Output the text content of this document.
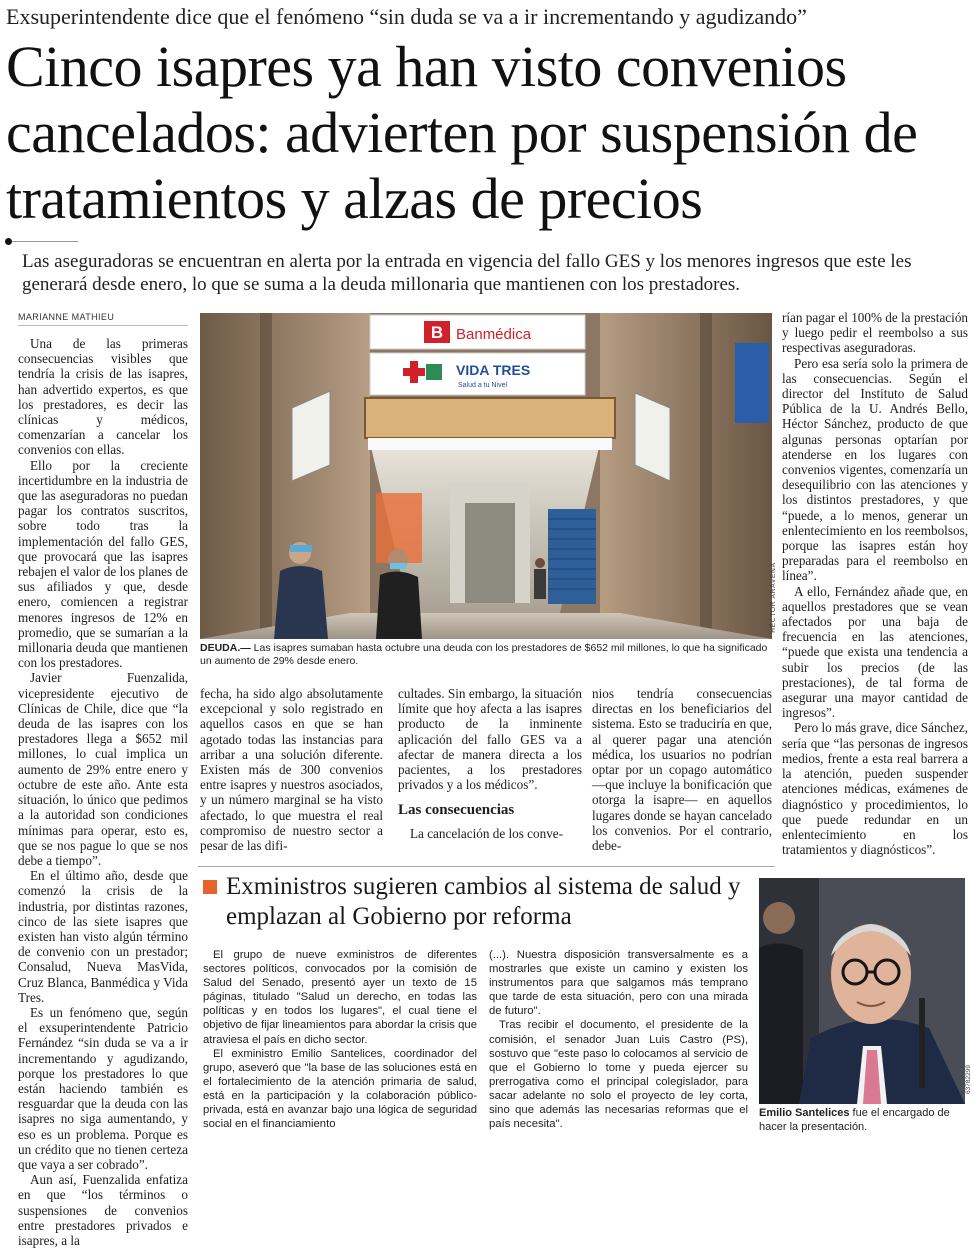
Exsuperintendente dice que el fenómeno “sin duda se va a ir incrementando y agudizando”
Cinco isapres ya han visto convenios cancelados: advierten por suspensión de tratamientos y alzas de precios
Las aseguradoras se encuentran en alerta por la entrada en vigencia del fallo GES y los menores ingresos que este les generará desde enero, lo que se suma a la deuda millonaria que mantienen con los prestadores.
MARIANNE MATHIEU

Una de las primeras consecuencias visibles que tendría la crisis de las isapres, han advertido expertos, es que los prestadores, es decir las clínicas y médicos, comenzarían a cancelar los convenios con ellas.

Ello por la creciente incertidumbre en la industria de que las aseguradoras no puedan pagar los contratos suscritos, sobre todo tras la implementación del fallo GES, que provocará que las isapres rebajen el valor de los planes de sus afiliados y que, desde enero, comiencen a registrar menores ingresos de 12% en promedio, que se sumarían a la millonaria deuda que mantienen con los prestadores.

Javier Fuenzalida, vicepresidente ejecutivo de Clínicas de Chile, dice que “la deuda de las isapres con los prestadores llega a $652 mil millones, lo cual implica un aumento de 29% entre enero y octubre de este año. Ante esta situación, lo único que pedimos a la autoridad son condiciones mínimas para operar, esto es, que se nos pague lo que se nos debe a tiempo”.

En el último año, desde que comenzó la crisis de la industria, por distintas razones, cinco de las siete isapres que existen han visto algún término de convenio con un prestador; Consalud, Nueva MasVida, Cruz Blanca, Banmédica y Vida Tres.

Es un fenómeno que, según el exsuperintendente Patricio Fernández “sin duda se va a ir incrementando y agudizando, porque los prestadores lo que están haciendo también es resguardar que la deuda con las isapres no siga aumentando, y eso es un problema. Porque es un crédito que no tienen certeza que vaya a ser cobrado”.

Aun así, Fuenzalida enfatiza en que “los términos o suspensiones de convenios entre prestadores privados e isapres, a la

fecha, ha sido algo absolutamente excepcional y solo registrado en aquellos casos en que se han agotado todas las instancias para arribar a una solución diferente. Existen más de 300 convenios entre isapres y nuestros asociados, y un número marginal se ha visto afectado, lo que muestra el real compromiso de nuestro sector a pesar de las difi-

cultades. Sin embargo, la situación límite que hoy afecta a las isapres producto de la inminente aplicación del fallo GES va a afectar de manera directa a los pacientes, a los prestadores privados y a los médicos”.

Las consecuencias

La cancelación de los conve-

nios tendría consecuencias directas en los beneficiarios del sistema. Esto se traduciría en que, al querer pagar una atención médica, los usuarios no podrían optar por un copago automático —que incluye la bonificación que otorga la isapre— en aquellos lugares donde se hayan cancelado los convenios. Por el contrario, debe-

rían pagar el 100% de la prestación y luego pedir el reembolso a sus respectivas aseguradoras.

Pero esa sería solo la primera de las consecuencias. Según el director del Instituto de Salud Pública de la U. Andrés Bello, Héctor Sánchez, producto de que algunas personas optarían por atenderse en los lugares con convenios vigentes, comenzaría un desequilibrio con las atenciones y los distintos prestadores, y que “puede, a lo menos, generar un enlentecimiento en los reembolsos, porque las isapres están hoy preparadas para el reembolso en línea”.

A ello, Fernández añade que, en aquellos prestadores que se vean afectados por una baja de frecuencia en las atenciones, “puede que exista una tendencia a subir los precios (de las prestaciones), de tal forma de asegurar una mayor cantidad de ingresos”.

Pero lo más grave, dice Sánchez, sería que “las personas de ingresos medios, frente a esta real barrera a la atención, pueden suspender atenciones médicas, exámenes de diagnóstico y procedimientos, lo que puede redundar en un enlentecimiento en los tratamientos y diagnósticos”.

B Banmédica
VIDA TRES
Salud a tu Nivel
HÉCTOR ARAVENA
DEUDA.— Las isapres sumaban hasta octubre una deuda con los prestadores de $652 mil millones, lo que ha significado un aumento de 29% desde enero.
Exministros sugieren cambios al sistema de salud y emplazan al Gobierno por reforma

El grupo de nueve exministros de diferentes sectores políticos, convocados por la comisión de Salud del Senado, presentó ayer un texto de 15 páginas, titulado "Salud un derecho, en todas las políticas y en todos los lugares", el cual tiene el objetivo de fijar lineamientos para abordar la crisis que atraviesa el país en dicho sector.

El exministro Emilio Santelices, coordinador del grupo, aseveró que "la base de las soluciones está en el fortalecimiento de la atención primaria de salud, está en la participación y la colaboración público-privada, está en avanzar bajo una lógica de seguridad social en el financiamiento

(...). Nuestra disposición transversalmente es a mostrarles que existe un camino y existen los instrumentos para que salgamos más temprano que tarde de esta situación, pero con una mirada de futuro".

Tras recibir el documento, el presidente de la comisión, el senador Juan Luis Castro (PS), sostuvo que "este paso lo colocamos al servicio de que el Gobierno lo tome y pueda ejercer su prerrogativa como el principal colegislador, para sacar adelante no solo el proyecto de ley corta, sino que además las necesarias reformas que el país necesita".

63782299
Emilio Santelices fue el encargado de hacer la presentación.
